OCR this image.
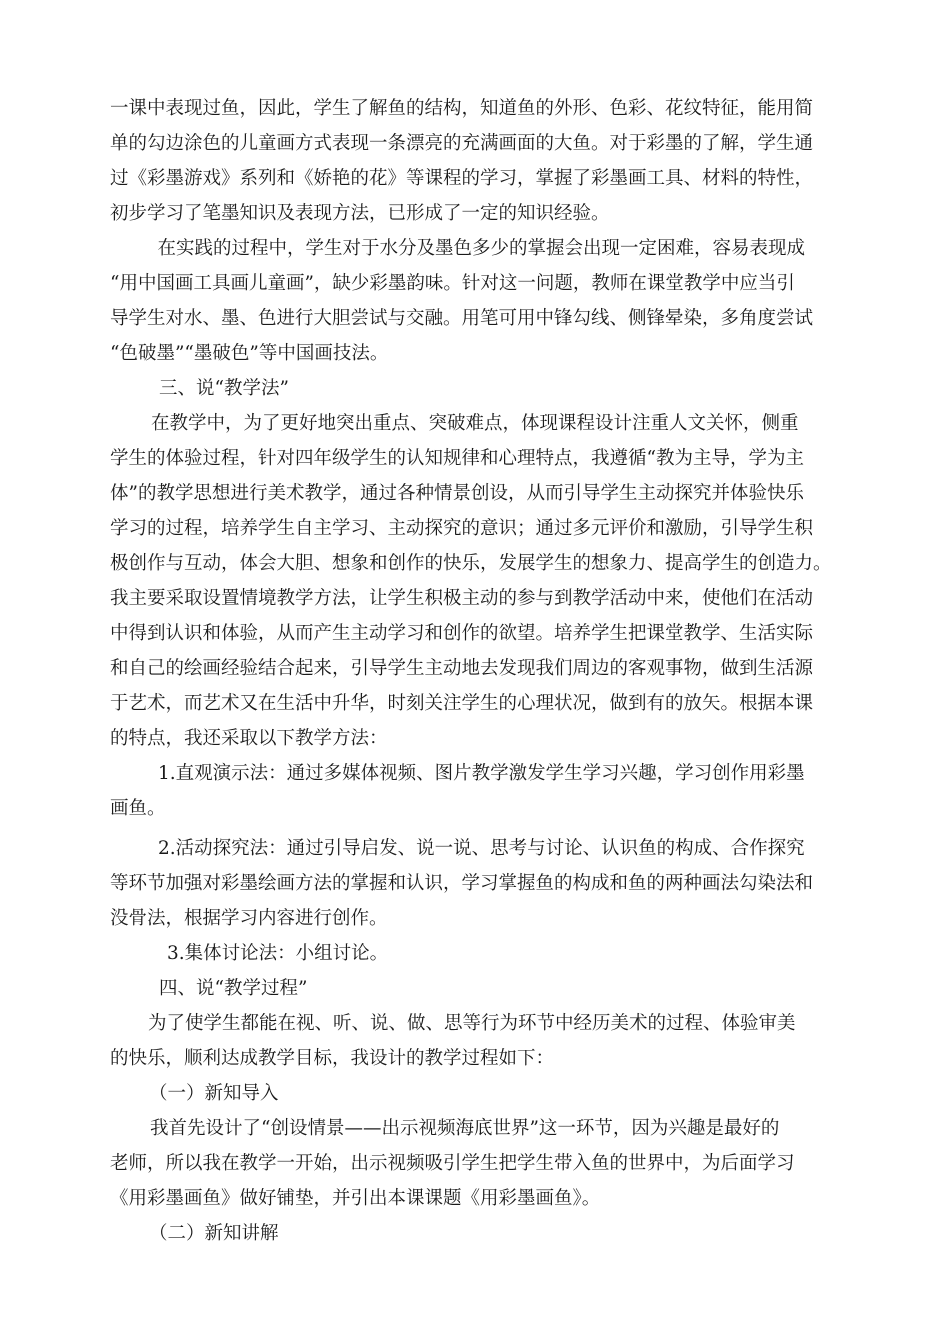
一课中表现过鱼，因此，学生了解鱼的结构，知道鱼的外形、色彩、花纹特征，能用简
单的勾边涂色的儿童画方式表现一条漂亮的充满画面的大鱼。对于彩墨的了解，学生通
过《彩墨游戏》系列和《娇艳的花》等课程的学习，掌握了彩墨画工具、材料的特性，
初步学习了笔墨知识及表现方法，已形成了一定的知识经验。
　在实践的过程中，学生对于水分及墨色多少的掌握会出现一定困难，容易表现成
“用中国画工具画儿童画”，缺少彩墨韵味。针对这一问题，教师在课堂教学中应当引
导学生对水、墨、色进行大胆尝试与交融。用笔可用中锋勾线、侧锋晕染，多角度尝试
“色破墨”“墨破色”等中国画技法。
三、说“教学法”
在教学中，为了更好地突出重点、突破难点，体现课程设计注重人文关怀，侧重
学生的体验过程，针对四年级学生的认知规律和心理特点，我遵循“教为主导，学为主
体”的教学思想进行美术教学，通过各种情景创设，从而引导学生主动探究并体验快乐
学习的过程，培养学生自主学习、主动探究的意识；通过多元评价和激励，引导学生积
极创作与互动，体会大胆、想象和创作的快乐，发展学生的想象力、提高学生的创造力。
我主要采取设置情境教学方法，让学生积极主动的参与到教学活动中来，使他们在活动
中得到认识和体验，从而产生主动学习和创作的欲望。培养学生把课堂教学、生活实际
和自己的绘画经验结合起来，引导学生主动地去发现我们周边的客观事物，做到生活源
于艺术，而艺术又在生活中升华，时刻关注学生的心理状况，做到有的放矢。根据本课
的特点，我还采取以下教学方法：
1.直观演示法：通过多媒体视频、图片教学激发学生学习兴趣，学习创作用彩墨
画鱼。
2.活动探究法：通过引导启发、说一说、思考与讨论、认识鱼的构成、合作探究
等环节加强对彩墨绘画方法的掌握和认识，学习掌握鱼的构成和鱼的两种画法勾染法和
没骨法，根据学习内容进行创作。
3.集体讨论法：小组讨论。
四、说“教学过程”
为了使学生都能在视、听、说、做、思等行为环节中经历美术的过程、体验审美
的快乐，顺利达成教学目标，我设计的教学过程如下：
（一）新知导入
我首先设计了“创设情景——出示视频海底世界”这一环节，因为兴趣是最好的
老师，所以我在教学一开始，出示视频吸引学生把学生带入鱼的世界中，为后面学习
《用彩墨画鱼》做好铺垫，并引出本课课题《用彩墨画鱼》。
（二）新知讲解
